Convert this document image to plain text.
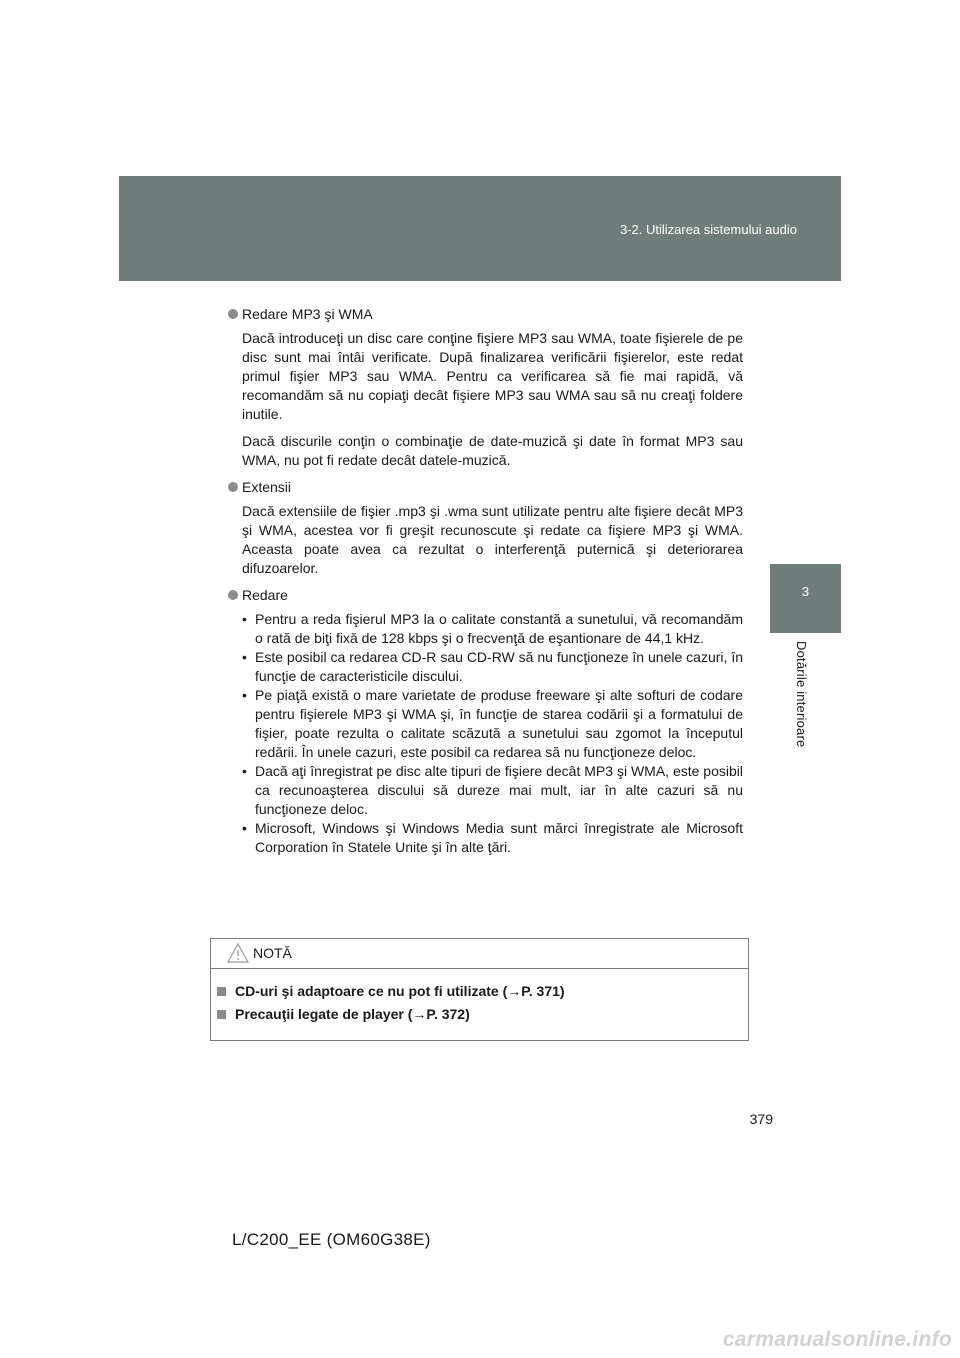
3-2. Utilizarea sistemului audio
3
Dotările interioare
Redare MP3 şi WMA

Dacă introduceţi un disc care conţine fişiere MP3 sau WMA, toate fişierele de pe disc sunt mai întâi verificate. După finalizarea verificării fişierelor, este redat primul fişier MP3 sau WMA. Pentru ca verificarea să fie mai rapidă, vă recomandăm să nu copiaţi decât fişiere MP3 sau WMA sau să nu creaţi foldere inutile.

Dacă discurile conţin o combinaţie de date-muzică şi date în format MP3 sau WMA, nu pot fi redate decât datele-muzică.

Extensii

Dacă extensiile de fişier .mp3 şi .wma sunt utilizate pentru alte fişiere decât MP3 şi WMA, acestea vor fi greşit recunoscute şi redate ca fişiere MP3 şi WMA. Aceasta poate avea ca rezultat o interferenţă puternică şi deteriorarea difuzoarelor.

Redare
• Pentru a reda fişierul MP3 la o calitate constantă a sunetului, vă recomandăm o rată de biţi fixă de 128 kbps şi o frecvenţă de eşantionare de 44,1 kHz.
• Este posibil ca redarea CD-R sau CD-RW să nu funcţioneze în unele cazuri, în funcţie de caracteristicile discului.
• Pe piaţă există o mare varietate de produse freeware şi alte softuri de codare pentru fişierele MP3 şi WMA şi, în funcţie de starea codării şi a formatului de fişier, poate rezulta o calitate scăzută a sunetului sau zgomot la începutul redării. În unele cazuri, este posibil ca redarea să nu funcţioneze deloc.
• Dacă aţi înregistrat pe disc alte tipuri de fişiere decât MP3 şi WMA, este posibil ca recunoaşterea discului să dureze mai mult, iar în alte cazuri să nu funcţioneze deloc.
• Microsoft, Windows şi Windows Media sunt mărci înregistrate ale Microsoft Corporation în Statele Unite şi în alte ţări.
NOTĂ
CD-uri şi adaptoare ce nu pot fi utilizate (→P. 371)
Precauţii legate de player (→P. 372)
379
L/C200_EE (OM60G38E)
carmanualsonline.info
